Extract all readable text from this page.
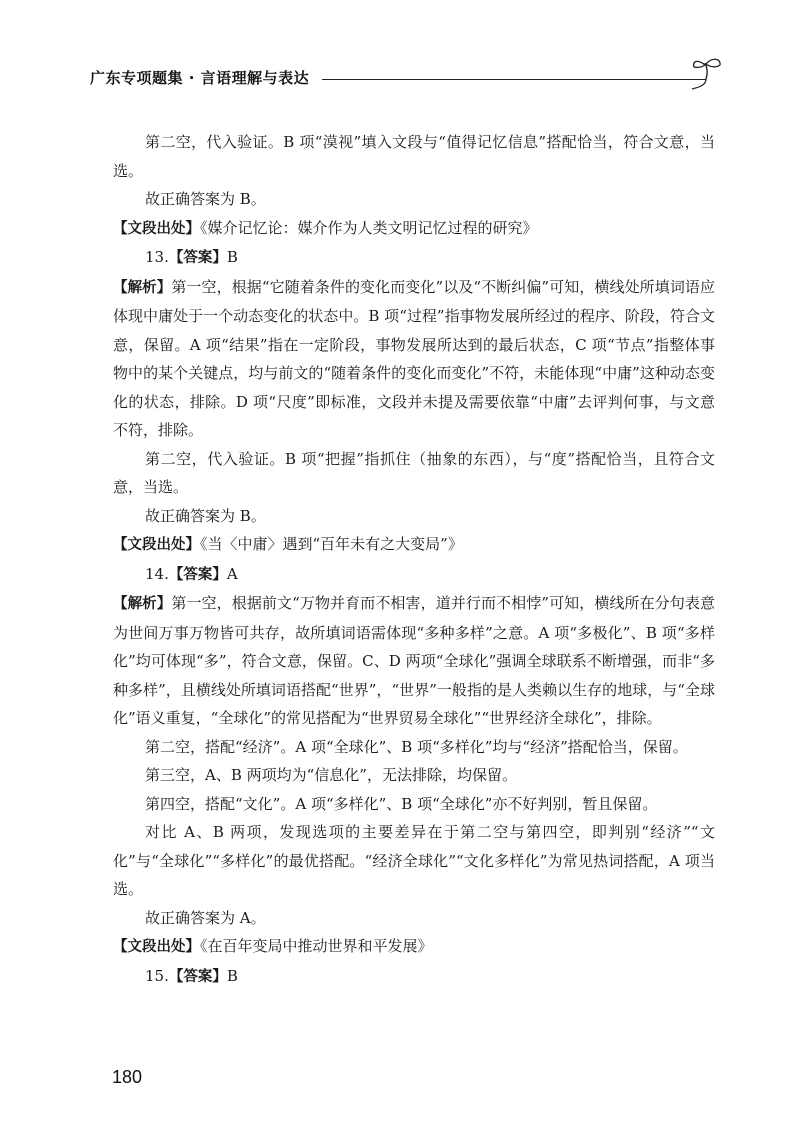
广东专项题集 · 言语理解与表达

第二空，代入验证。B 项“漠视”填入文段与“值得记忆信息”搭配恰当，符合文意，当选。

故正确答案为 B。

【文段出处】《媒介记忆论：媒介作为人类文明记忆过程的研究》

13.【答案】B

【解析】第一空，根据“它随着条件的变化而变化”以及“不断纠偏”可知，横线处所填词语应体现中庸处于一个动态变化的状态中。B 项“过程”指事物发展所经过的程序、阶段，符合文意，保留。A 项“结果”指在一定阶段，事物发展所达到的最后状态，C 项“节点”指整体事物中的某个关键点，均与前文的“随着条件的变化而变化”不符，未能体现“中庸”这种动态变化的状态，排除。D 项“尺度”即标准，文段并未提及需要依靠“中庸”去评判何事，与文意不符，排除。

第二空，代入验证。B 项“把握”指抓住（抽象的东西），与“度”搭配恰当，且符合文意，当选。

故正确答案为 B。

【文段出处】《当〈中庸〉遇到“百年未有之大变局”》

14.【答案】A

【解析】第一空，根据前文“万物并育而不相害，道并行而不相悖”可知，横线所在分句表意为世间万事万物皆可共存，故所填词语需体现“多种多样”之意。A 项“多极化”、B 项“多样化”均可体现“多”，符合文意，保留。C、D 两项“全球化”强调全球联系不断增强，而非“多种多样”，且横线处所填词语搭配“世界”，“世界”一般指的是人类赖以生存的地球，与“全球化”语义重复，“全球化”的常见搭配为“世界贸易全球化”“世界经济全球化”，排除。

第二空，搭配“经济”。A 项“全球化”、B 项“多样化”均与“经济”搭配恰当，保留。

第三空，A、B 两项均为“信息化”，无法排除，均保留。

第四空，搭配“文化”。A 项“多样化”、B 项“全球化”亦不好判别，暂且保留。

对比 A、B 两项，发现选项的主要差异在于第二空与第四空，即判别“经济”“文化”与“全球化”“多样化”的最优搭配。“经济全球化”“文化多样化”为常见热词搭配，A 项当选。

故正确答案为 A。

【文段出处】《在百年变局中推动世界和平发展》

15.【答案】B

180
